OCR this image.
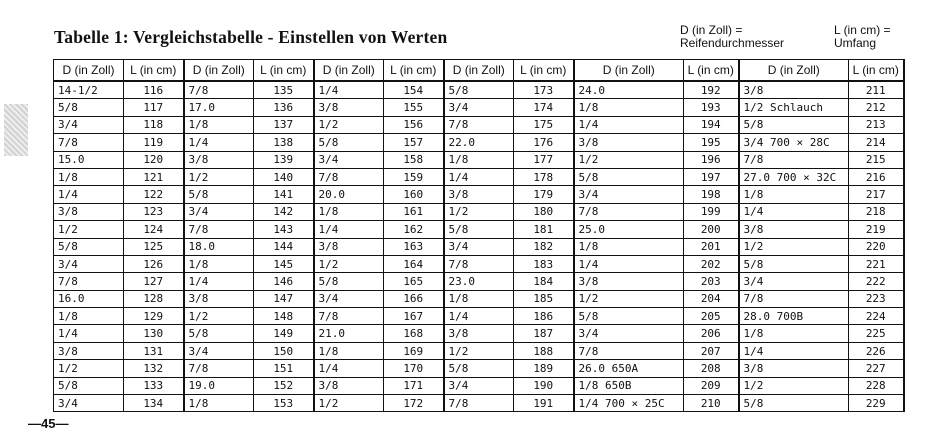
Tabelle 1: Vergleichstabelle - Einstellen von Werten	D (in Zoll) =
Reifendurchmesser
L (in cm) =
Umfang
D (in Zoll)	L (in cm)	D (in Zoll)	L (in cm)	D (in Zoll)	L (in cm)	D (in Zoll)	L (in cm)	D (in Zoll)	L (in cm)	D (in Zoll)	L (in cm)
14-1/2	116	7/8	135	1/4	154	5/8	173	24.0	192	3/8	211
5/8	117	17.0	136	3/8	155	3/4	174	1/8	193	1/2 Schlauch	212
3/4	118	1/8	137	1/2	156	7/8	175	1/4	194	5/8	213
7/8	119	1/4	138	5/8	157	22.0	176	3/8	195	3/4 700 × 28C	214
15.0	120	3/8	139	3/4	158	1/8	177	1/2	196	7/8	215
1/8	121	1/2	140	7/8	159	1/4	178	5/8	197	27.0 700 × 32C	216
1/4	122	5/8	141	20.0	160	3/8	179	3/4	198	1/8	217
3/8	123	3/4	142	1/8	161	1/2	180	7/8	199	1/4	218
1/2	124	7/8	143	1/4	162	5/8	181	25.0	200	3/8	219
5/8	125	18.0	144	3/8	163	3/4	182	1/8	201	1/2	220
3/4	126	1/8	145	1/2	164	7/8	183	1/4	202	5/8	221
7/8	127	1/4	146	5/8	165	23.0	184	3/8	203	3/4	222
16.0	128	3/8	147	3/4	166	1/8	185	1/2	204	7/8	223
1/8	129	1/2	148	7/8	167	1/4	186	5/8	205	28.0 700B	224
1/4	130	5/8	149	21.0	168	3/8	187	3/4	206	1/8	225
3/8	131	3/4	150	1/8	169	1/2	188	7/8	207	1/4	226
1/2	132	7/8	151	1/4	170	5/8	189	26.0 650A	208	3/8	227
5/8	133	19.0	152	3/8	171	3/4	190	1/8 650B	209	1/2	228
3/4	134	1/8	153	1/2	172	7/8	191	1/4 700 × 25C	210	5/8	229
—45—
